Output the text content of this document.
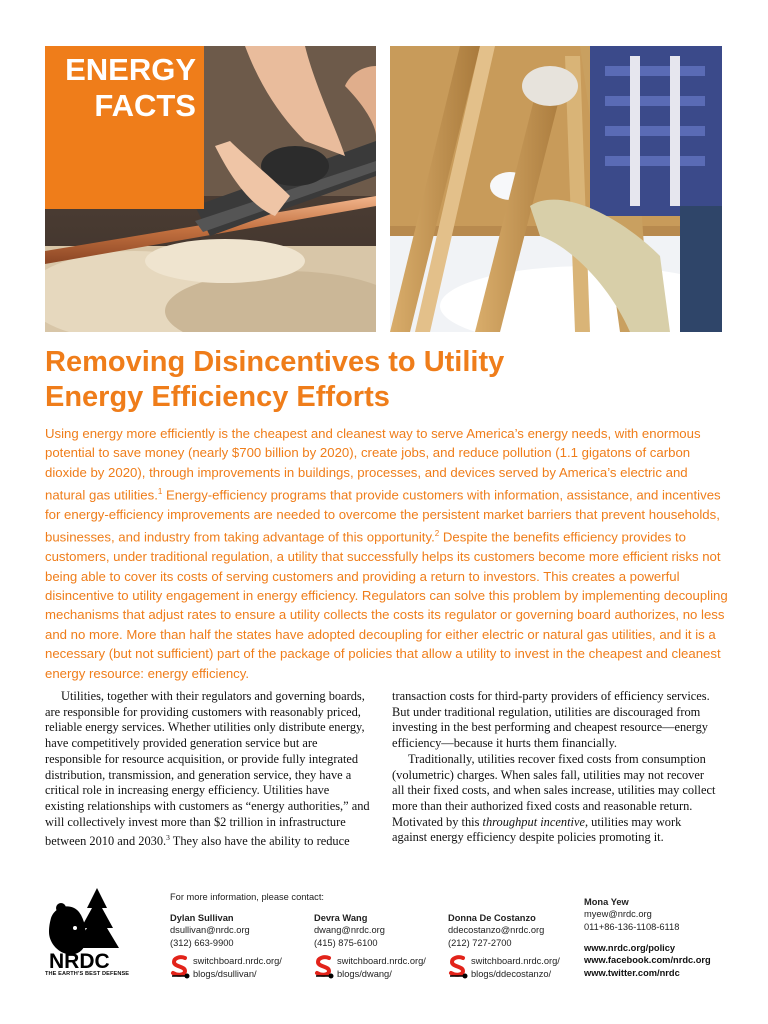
ENERGY
FACTS
Removing Disincentives to Utility
Energy Efficiency Efforts

Using energy more efficiently is the cheapest and cleanest way to serve America’s energy needs, with enormous potential to save money (nearly $700 billion by 2020), create jobs, and reduce pollution (1.1 gigatons of carbon dioxide by 2020), through improvements in buildings, processes, and devices served by America’s electric and natural gas utilities.$^1$ Energy-efficiency programs that provide customers with information, assistance, and incentives for energy-efficiency improvements are needed to overcome the persistent market barriers that prevent households, businesses, and industry from taking advantage of this opportunity.$^2$ Despite the benefits efficiency provides to customers, under traditional regulation, a utility that successfully helps its customers become more efficient risks not being able to cover its costs of serving customers and providing a return to investors. This creates a powerful disincentive to utility engagement in energy efficiency. Regulators can solve this problem by implementing decoupling mechanisms that adjust rates to ensure a utility collects the costs its regulator or governing board authorizes, no less and no more. More than half the states have adopted decoupling for either electric or natural gas utilities, and it is a necessary (but not sufficient) part of the package of policies that allow a utility to invest in the cheapest and cleanest energy resource: energy efficiency.

Utilities, together with their regulators and governing boards, are responsible for providing customers with reasonably priced, reliable energy services. Whether utilities only distribute energy, have competitively provided generation service but are responsible for resource acquisition, or provide fully integrated distribution, transmission, and generation service, they have a critical role in increasing energy efficiency. Utilities have existing relationships with customers as “energy authorities,” and will collectively invest more than $2 trillion in infrastructure between 2010 and 2030.$^3$ They also have the ability to reduce

transaction costs for third-party providers of efficiency services. But under traditional regulation, utilities are discouraged from investing in the best performing and cheapest resource—energy efficiency—because it hurts them financially.
Traditionally, utilities recover fixed costs from consumption (volumetric) charges. When sales fall, utilities may not recover all their fixed costs, and when sales increase, utilities may collect more than their authorized fixed costs and reasonable return. Motivated by this throughput incentive, utilities may work against energy efficiency despite policies promoting it.
NRDC
THE EARTH’S BEST DEFENSE
For more information, please contact:
Dylan Sullivan
dsullivan@nrdc.org
(312) 663-9900
switchboard.nrdc.org/
blogs/dsullivan/
Devra Wang
dwang@nrdc.org
(415) 875-6100
switchboard.nrdc.org/
blogs/dwang/
Donna De Costanzo
ddecostanzo@nrdc.org
(212) 727-2700
switchboard.nrdc.org/
blogs/ddecostanzo/
Mona Yew
myew@nrdc.org
011+86-136-1108-6118
www.nrdc.org/policy
www.facebook.com/nrdc.org
www.twitter.com/nrdc
